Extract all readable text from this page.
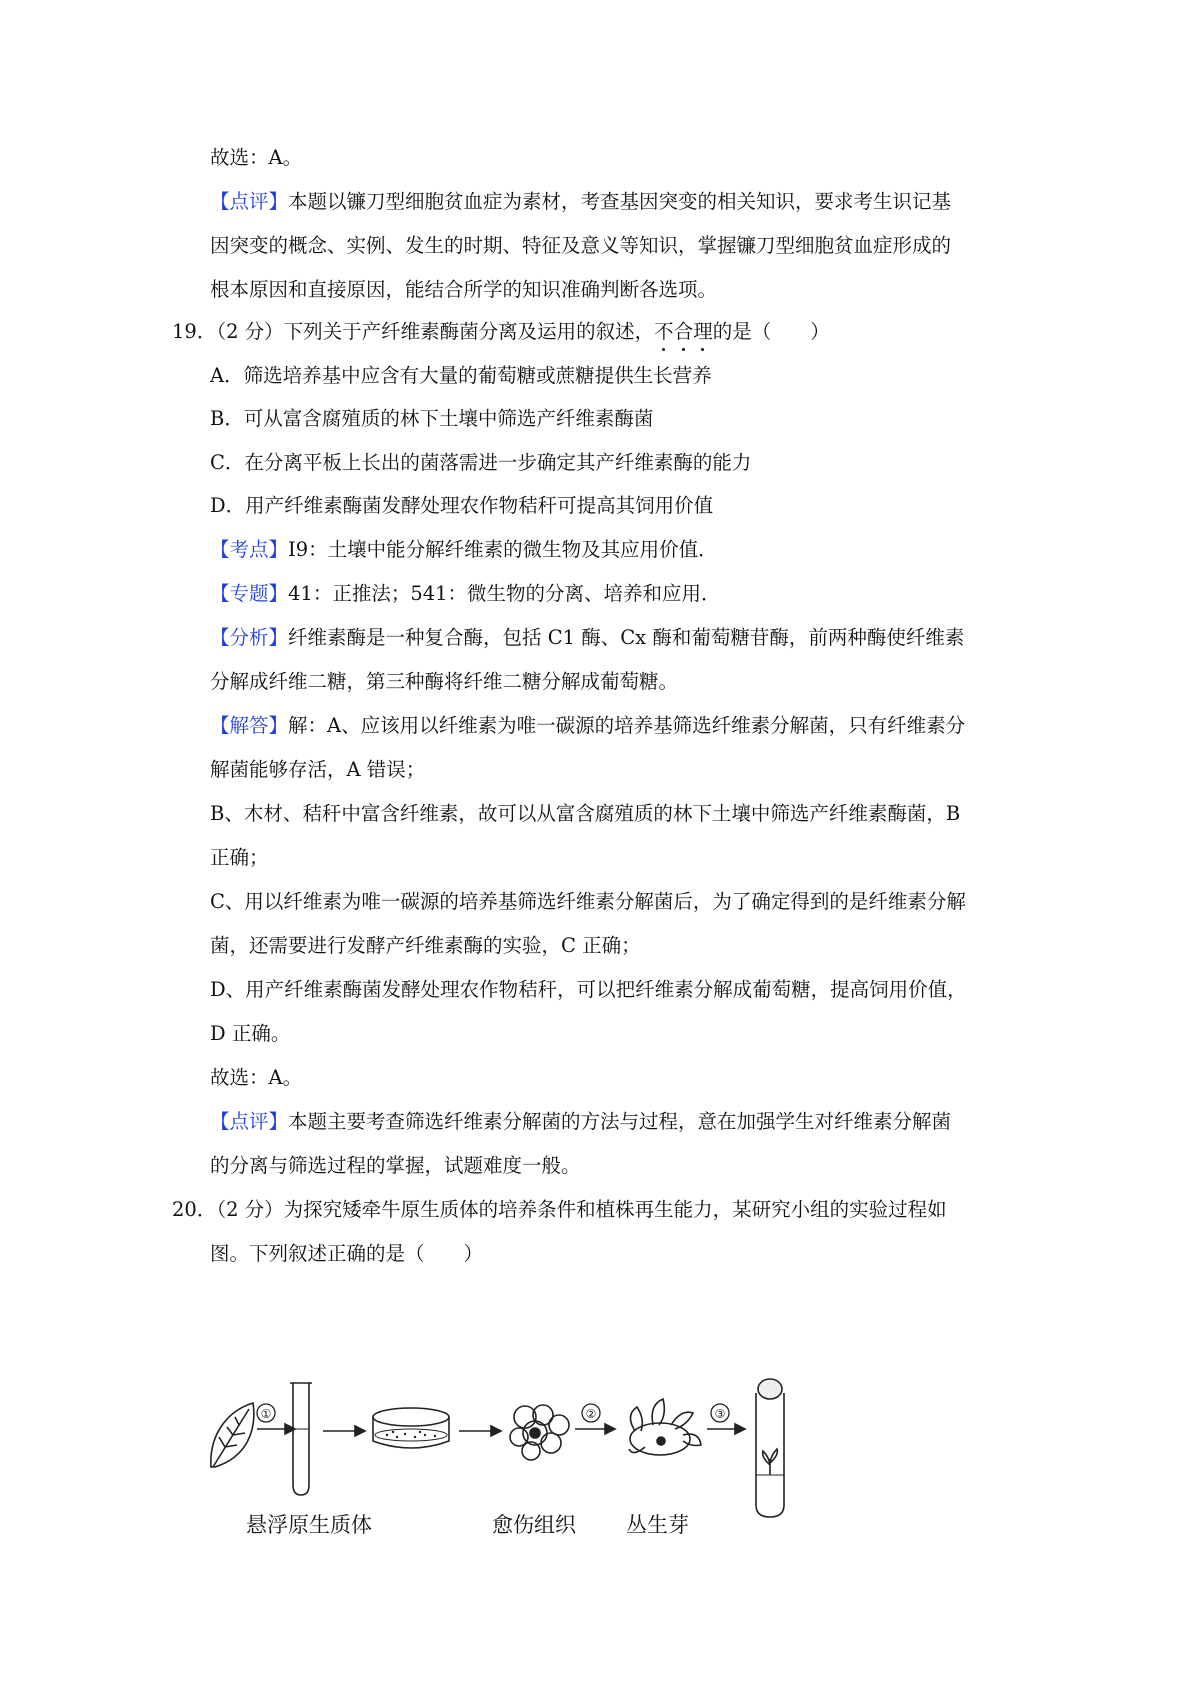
故选：A。
【点评】本题以镰刀型细胞贫血症为素材，考查基因突变的相关知识，要求考生识记基
因突变的概念、实例、发生的时期、特征及意义等知识，掌握镰刀型细胞贫血症形成的
根本原因和直接原因，能结合所学的知识准确判断各选项。
19．（2 分）下列关于产纤维素酶菌分离及运用的叙述，不
合
理
的是（　　）
A．筛选培养基中应含有大量的葡萄糖或蔗糖提供生长营养
B．可从富含腐殖质的林下土壤中筛选产纤维素酶菌
C．在分离平板上长出的菌落需进一步确定其产纤维素酶的能力
D．用产纤维素酶菌发酵处理农作物秸秆可提高其饲用价值
【考点】I9：土壤中能分解纤维素的微生物及其应用价值．
【专题】41：正推法；541：微生物的分离、培养和应用．
【分析】纤维素酶是一种复合酶，包括 C1 酶、Cx 酶和葡萄糖苷酶，前两种酶使纤维素
分解成纤维二糖，第三种酶将纤维二糖分解成葡萄糖。
【解答】解：A、应该用以纤维素为唯一碳源的培养基筛选纤维素分解菌，只有纤维素分
解菌能够存活，A 错误；
B、木材、秸秆中富含纤维素，故可以从富含腐殖质的林下土壤中筛选产纤维素酶菌，B
正确；
C、用以纤维素为唯一碳源的培养基筛选纤维素分解菌后，为了确定得到的是纤维素分解
菌，还需要进行发酵产纤维素酶的实验，C 正确；
D、用产纤维素酶菌发酵处理农作物秸秆，可以把纤维素分解成葡萄糖，提高饲用价值，
D 正确。
故选：A。
【点评】本题主要考查筛选纤维素分解菌的方法与过程，意在加强学生对纤维素分解菌
的分离与筛选过程的掌握，试题难度一般。
20．（2 分）为探究矮牵牛原生质体的培养条件和植株再生能力，某研究小组的实验过程如
图。下列叙述正确的是（　　）
①	②	③
悬浮原生质体	愈伤组织 丛生芽
